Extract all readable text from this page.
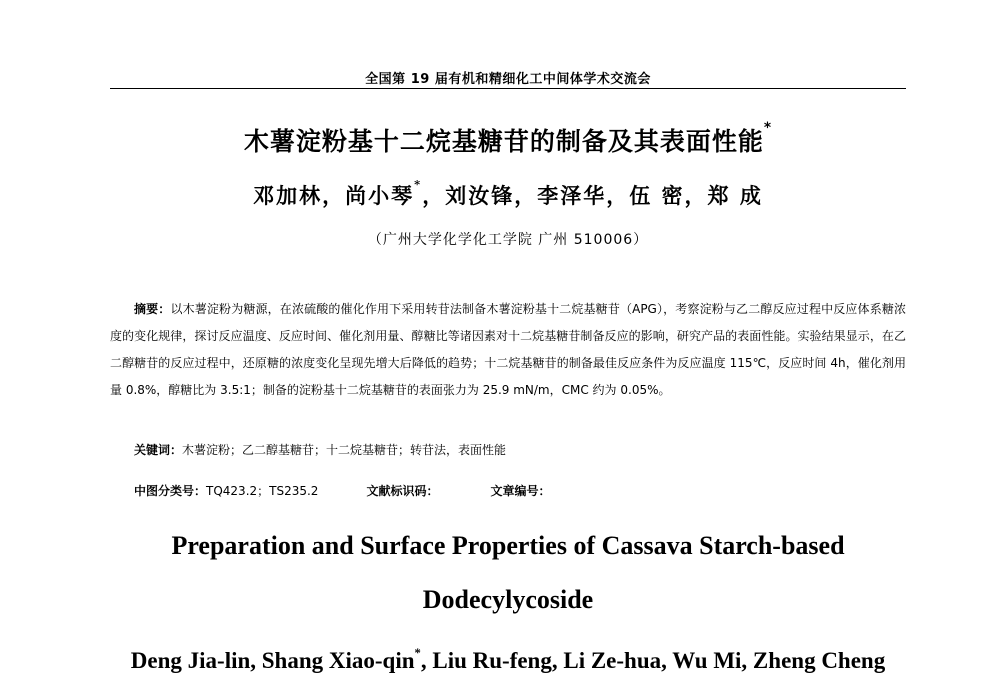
全国第 19 届有机和精细化工中间体学术交流会
木薯淀粉基十二烷基糖苷的制备及其表面性能*
邓加林，尚小琴*，刘汝锋，李泽华，伍 密，郑 成
（广州大学化学化工学院 广州 510006）

摘要：以木薯淀粉为糖源，在浓硫酸的催化作用下采用转苷法制备木薯淀粉基十二烷基糖苷（APG），考察淀粉与乙二醇反应过程中反应体系糖浓度的变化规律，探讨反应温度、反应时间、催化剂用量、醇糖比等诸因素对十二烷基糖苷制备反应的影响，研究产品的表面性能。实验结果显示，在乙二醇糖苷的反应过程中，还原糖的浓度变化呈现先增大后降低的趋势；十二烷基糖苷的制备最佳反应条件为反应温度 115℃，反应时间 4h，催化剂用量 0.8%，醇糖比为 3.5:1；制备的淀粉基十二烷基糖苷的表面张力为 25.9 mN/m，CMC 约为 0.05%。

关键词：木薯淀粉；乙二醇基糖苷；十二烷基糖苷；转苷法，表面性能
中图分类号：TQ423.2；TS235.2	文献标识码：	文章编号：
Preparation and Surface Properties of Cassava Starch-based
Dodecylycoside
Deng Jia-lin, Shang Xiao-qin*, Liu Ru-feng, Li Ze-hua, Wu Mi, Zheng Cheng
